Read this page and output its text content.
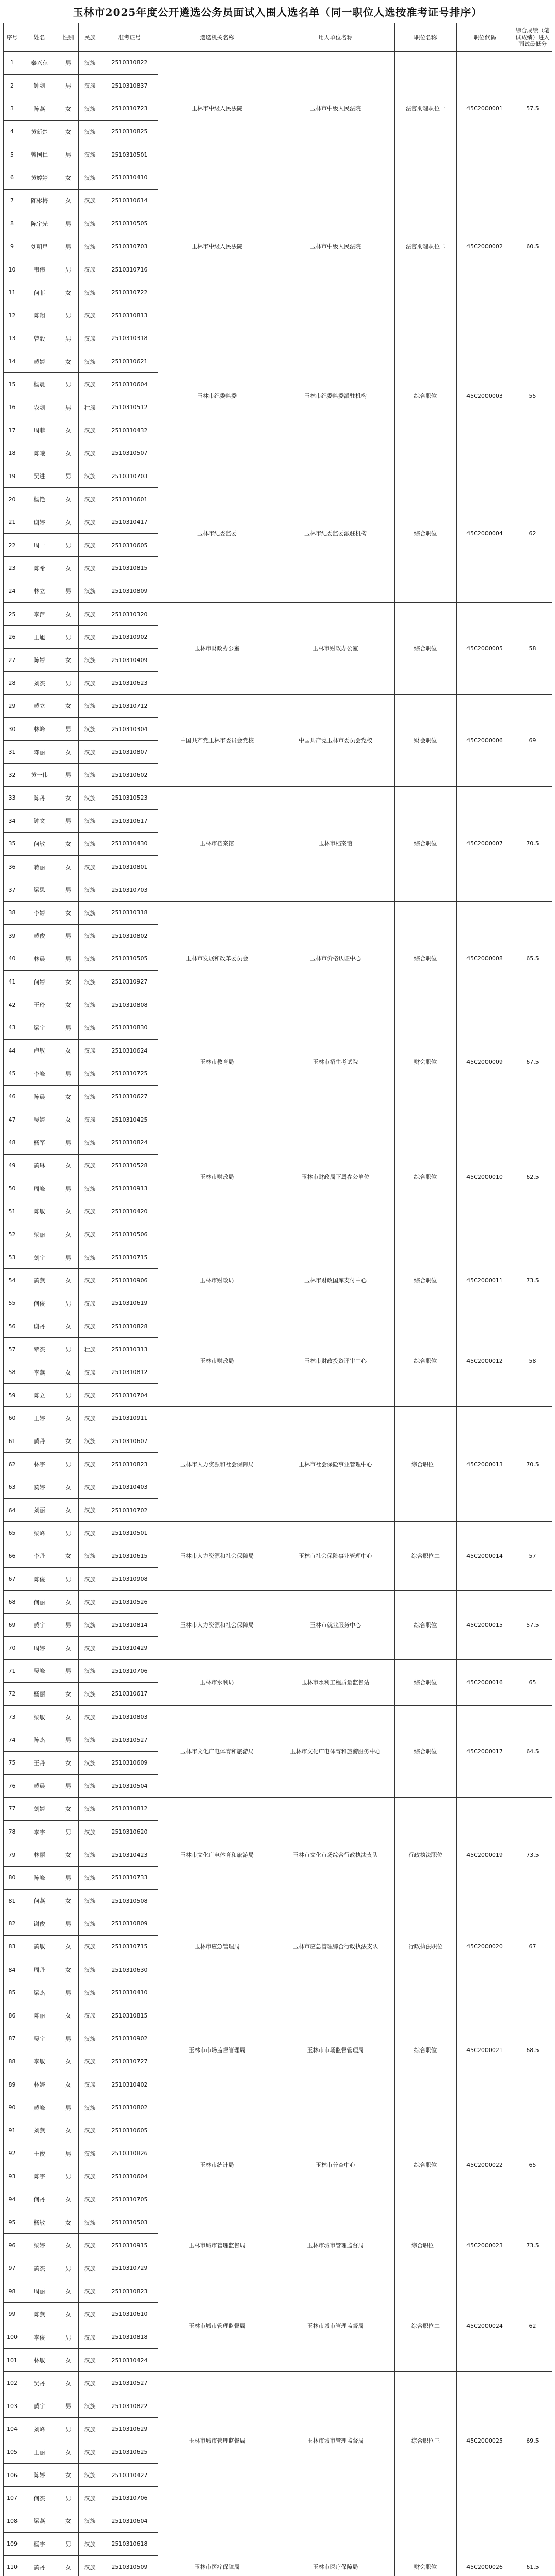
玉林市2025年度公开遴选公务员面试入围人选名单（同一职位人选按准考证号排序）
序号	姓名	性别	民族	准考证号	遴选机关名称	用人单位名称	职位名称	职位代码	综合成绩（笔试成绩）进入面试最低分
1	秦兴东	男	汉族	2510310822	玉林市中级人民法院	玉林市中级人民法院	法官助理职位一	45C2000001	57.5
2	钟剑	男	汉族	2510310837					
3	陈燕	女	汉族	2510310723					
4	黄新楚	女	汉族	2510310825					
5	曾国仁	男	汉族	2510310501					
6	黄婷婷	女	汉族	2510310410	玉林市中级人民法院	玉林市中级人民法院	法官助理职位二	45C2000002	60.5
7	陈彬梅	女	汉族	2510310614					
8	陈宇光	男	汉族	2510310505					
9	刘明星	男	汉族	2510310703					
10	韦伟	男	汉族	2510310716					
11	何菲	女	汉族	2510310722					
12	陈翔	男	汉族	2510310813					
13	曾毅	男	汉族	2510310318	玉林市纪委监委	玉林市纪委监委派驻机构	综合职位	45C2000003	55
14	黄婷	女	汉族	2510310621					
15	杨晨	男	汉族	2510310604					
16	农剑	男	壮族	2510310512					
17	周菲	女	汉族	2510310432					
18	陈曦	女	汉族	2510310507					
19	吴进	男	汉族	2510310703	玉林市纪委监委	玉林市纪委监委派驻机构	综合职位	45C2000004	62
20	杨艳	女	汉族	2510310601					
21	谢婷	女	汉族	2510310417					
22	周一	男	汉族	2510310605					
23	陈希	女	汉族	2510310815					
24	林立	男	汉族	2510310809					
25	李萍	女	汉族	2510310320	玉林市财政办公室	玉林市财政办公室	综合职位	45C2000005	58
26	王旭	男	汉族	2510310902					
27	陈婷	女	汉族	2510310409					
28	刘杰	男	汉族	2510310623					
29	黄立	女	汉族	2510310712	中国共产党玉林市委员会党校	中国共产党玉林市委员会党校	财会职位	45C2000006	69
30	林峰	男	汉族	2510310304					
31	邓丽	女	汉族	2510310807					
32	黄一伟	男	汉族	2510310602					
33	陈丹	女	汉族	2510310523	玉林市档案馆	玉林市档案馆	综合职位	45C2000007	70.5
34	钟文	男	汉族	2510310617					
35	何敏	女	汉族	2510310430					
36	蒋丽	女	汉族	2510310801					
37	梁思	男	汉族	2510310703					
38	李婷	女	汉族	2510310318	玉林市发展和改革委员会	玉林市价格认证中心	综合职位	45C2000008	65.5
39	黄俊	男	汉族	2510310802					
40	林晨	男	汉族	2510310505					
41	何婷	女	汉族	2510310927					
42	王玲	女	汉族	2510310808					
43	梁宇	男	汉族	2510310830	玉林市教育局	玉林市招生考试院	财会职位	45C2000009	67.5
44	卢敏	女	汉族	2510310624					
45	李峰	男	汉族	2510310725					
46	陈晨	女	汉族	2510310627					
47	吴婷	女	汉族	2510310425	玉林市财政局	玉林市财政局下属参公单位	综合职位	45C2000010	62.5
48	杨军	男	汉族	2510310824					
49	黄琳	女	汉族	2510310528					
50	周峰	男	汉族	2510310913					
51	陈敏	女	汉族	2510310420					
52	梁丽	女	汉族	2510310506					
53	刘宇	男	汉族	2510310715	玉林市财政局	玉林市财政国库支付中心	综合职位	45C2000011	73.5
54	黄燕	女	汉族	2510310906					
55	何俊	男	汉族	2510310619					
56	谢丹	女	汉族	2510310828	玉林市财政局	玉林市财政投资评审中心	综合职位	45C2000012	58
57	覃杰	男	壮族	2510310313					
58	李燕	女	汉族	2510310812					
59	陈立	男	汉族	2510310704					
60	王婷	女	汉族	2510310911	玉林市人力资源和社会保障局	玉林市社会保险事业管理中心	综合职位一	45C2000013	70.5
61	黄丹	女	汉族	2510310607					
62	林宇	男	汉族	2510310823					
63	莫婷	女	汉族	2510310403					
64	刘丽	女	汉族	2510310702					
65	梁峰	男	汉族	2510310501	玉林市人力资源和社会保障局	玉林市社会保险事业管理中心	综合职位二	45C2000014	57
66	李丹	女	汉族	2510310615					
67	陈俊	男	汉族	2510310908					
68	何丽	女	汉族	2510310526	玉林市人力资源和社会保障局	玉林市就业服务中心	综合职位	45C2000015	57.5
69	黄宇	男	汉族	2510310814					
70	周婷	女	汉族	2510310429					
71	吴峰	男	汉族	2510310706	玉林市水利局	玉林市水利工程质量监督站	综合职位	45C2000016	65
72	杨丽	女	汉族	2510310617					
73	梁敏	女	汉族	2510310803	玉林市文化广电体育和旅游局	玉林市文化广电体育和旅游服务中心	综合职位	45C2000017	64.5
74	陈杰	男	汉族	2510310527					
75	王丹	女	汉族	2510310609					
76	黄晨	男	汉族	2510310504					
77	刘婷	女	汉族	2510310812	玉林市文化广电体育和旅游局	玉林市文化市场综合行政执法支队	行政执法职位	45C2000019	73.5
78	李宇	男	汉族	2510310620					
79	林丽	女	汉族	2510310423					
80	陈峰	男	汉族	2510310733					
81	何燕	女	汉族	2510310508					
82	谢俊	男	汉族	2510310809	玉林市应急管理局	玉林市应急管理综合行政执法支队	行政执法职位	45C2000020	67
83	黄敏	女	汉族	2510310715					
84	周丹	女	汉族	2510310630					
85	梁杰	男	汉族	2510310410	玉林市市场监督管理局	玉林市市场监督管理局	综合职位	45C2000021	68.5
86	陈丽	女	汉族	2510310815					
87	吴宇	男	汉族	2510310902					
88	李敏	女	汉族	2510310727					
89	林婷	女	汉族	2510310402					
90	黄峰	男	汉族	2510310802					
91	刘燕	女	汉族	2510310605	玉林市统计局	玉林市普查中心	综合职位	45C2000022	65
92	王俊	男	汉族	2510310826					
93	陈宇	男	汉族	2510310604					
94	何丹	女	汉族	2510310705					
95	杨敏	女	汉族	2510310503	玉林市城市管理监督局	玉林市城市管理监督局	综合职位一	45C2000023	73.5
96	梁婷	女	汉族	2510310915					
97	黄杰	男	汉族	2510310729					
98	周丽	女	汉族	2510310823	玉林市城市管理监督局	玉林市城市管理监督局	综合职位二	45C2000024	62
99	陈燕	女	汉族	2510310610					
100	李俊	男	汉族	2510310818					
101	林敏	女	汉族	2510310424					
102	吴丹	女	汉族	2510310527	玉林市城市管理监督局	玉林市城市管理监督局	综合职位三	45C2000025	69.5
103	黄宇	男	汉族	2510310822					
104	刘峰	男	汉族	2510310629					
105	王丽	女	汉族	2510310625					
106	陈婷	女	汉族	2510310427					
107	何杰	男	汉族	2510310706					
108	梁燕	女	汉族	2510310604	玉林市医疗保障局	玉林市医疗保障局	财会职位	45C2000026	61.5
109	杨宇	男	汉族	2510310618					
110	黄丹	女	汉族	2510310509					
